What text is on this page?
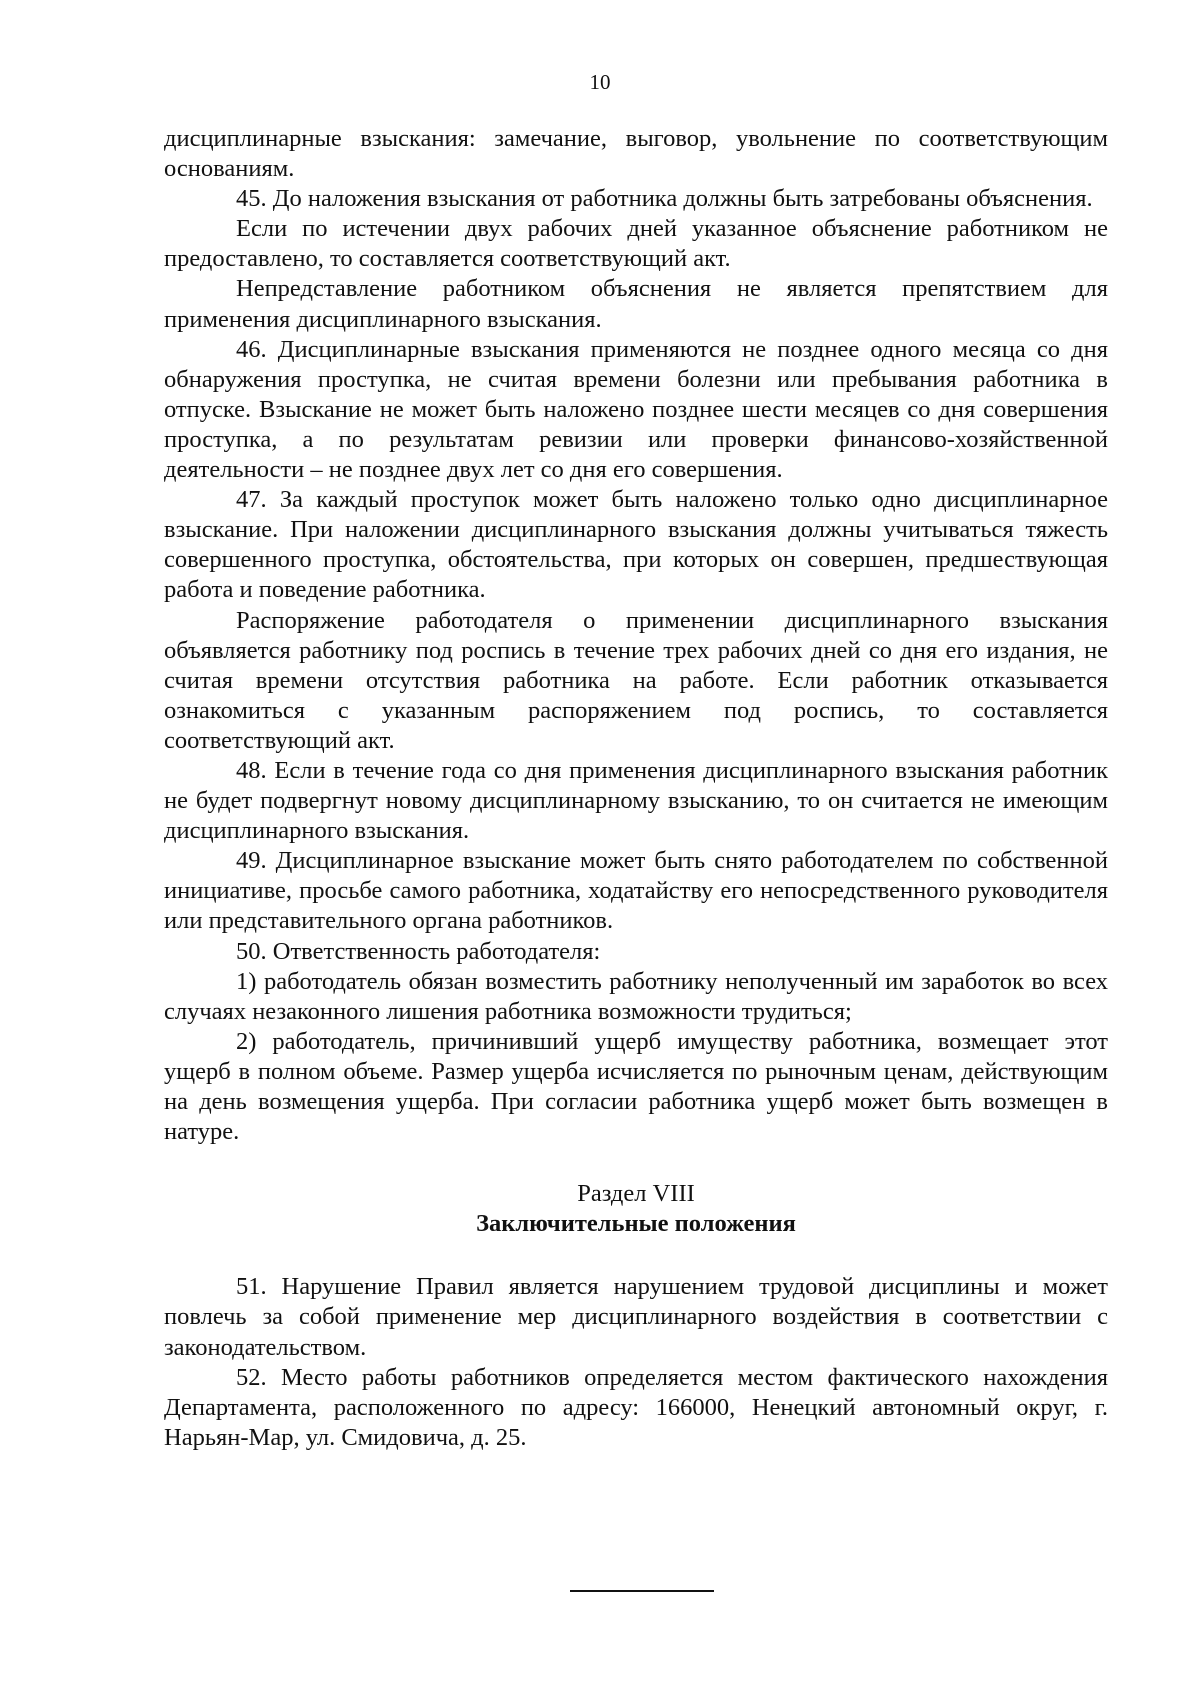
10

дисциплинарные взыскания: замечание, выговор, увольнение по соответствующим основаниям.

45. До наложения взыскания от работника должны быть затребованы объяснения.

Если по истечении двух рабочих дней указанное объяснение работником не предоставлено, то составляется соответствующий акт.

Непредставление работником объяснения не является препятствием для применения дисциплинарного взыскания.

46. Дисциплинарные взыскания применяются не позднее одного месяца со дня обнаружения проступка, не считая времени болезни или пребывания работника в отпуске. Взыскание не может быть наложено позднее шести месяцев со дня совершения проступка, а по результатам ревизии или проверки финансово-хозяйственной деятельности – не позднее двух лет со дня его совершения.

47. За каждый проступок может быть наложено только одно дисциплинарное взыскание. При наложении дисциплинарного взыскания должны учитываться тяжесть совершенного проступка, обстоятельства, при которых он совершен, предшествующая работа и поведение работника.

Распоряжение работодателя о применении дисциплинарного взыскания объявляется работнику под роспись в течение трех рабочих дней со дня его издания, не считая времени отсутствия работника на работе. Если работник отказывается ознакомиться с указанным распоряжением под роспись, то составляется соответствующий акт.

48. Если в течение года со дня применения дисциплинарного взыскания работник не будет подвергнут новому дисциплинарному взысканию, то он считается не имеющим дисциплинарного взыскания.

49. Дисциплинарное взыскание может быть снято работодателем по собственной инициативе, просьбе самого работника, ходатайству его непосредственного руководителя или представительного органа работников.

50. Ответственность работодателя:

1) работодатель обязан возместить работнику неполученный им заработок во всех случаях незаконного лишения работника возможности трудиться;

2) работодатель, причинивший ущерб имуществу работника, возмещает этот ущерб в полном объеме. Размер ущерба исчисляется по рыночным ценам, действующим на день возмещения ущерба. При согласии работника ущерб может быть возмещен в натуре.

Раздел VIII
Заключительные положения

51. Нарушение Правил является нарушением трудовой дисциплины и может повлечь за собой применение мер дисциплинарного воздействия в соответствии с законодательством.

52. Место работы работников определяется местом фактического нахождения Департамента, расположенного по адресу: 166000, Ненецкий автономный округ, г. Нарьян-Мар, ул. Смидовича, д. 25.
